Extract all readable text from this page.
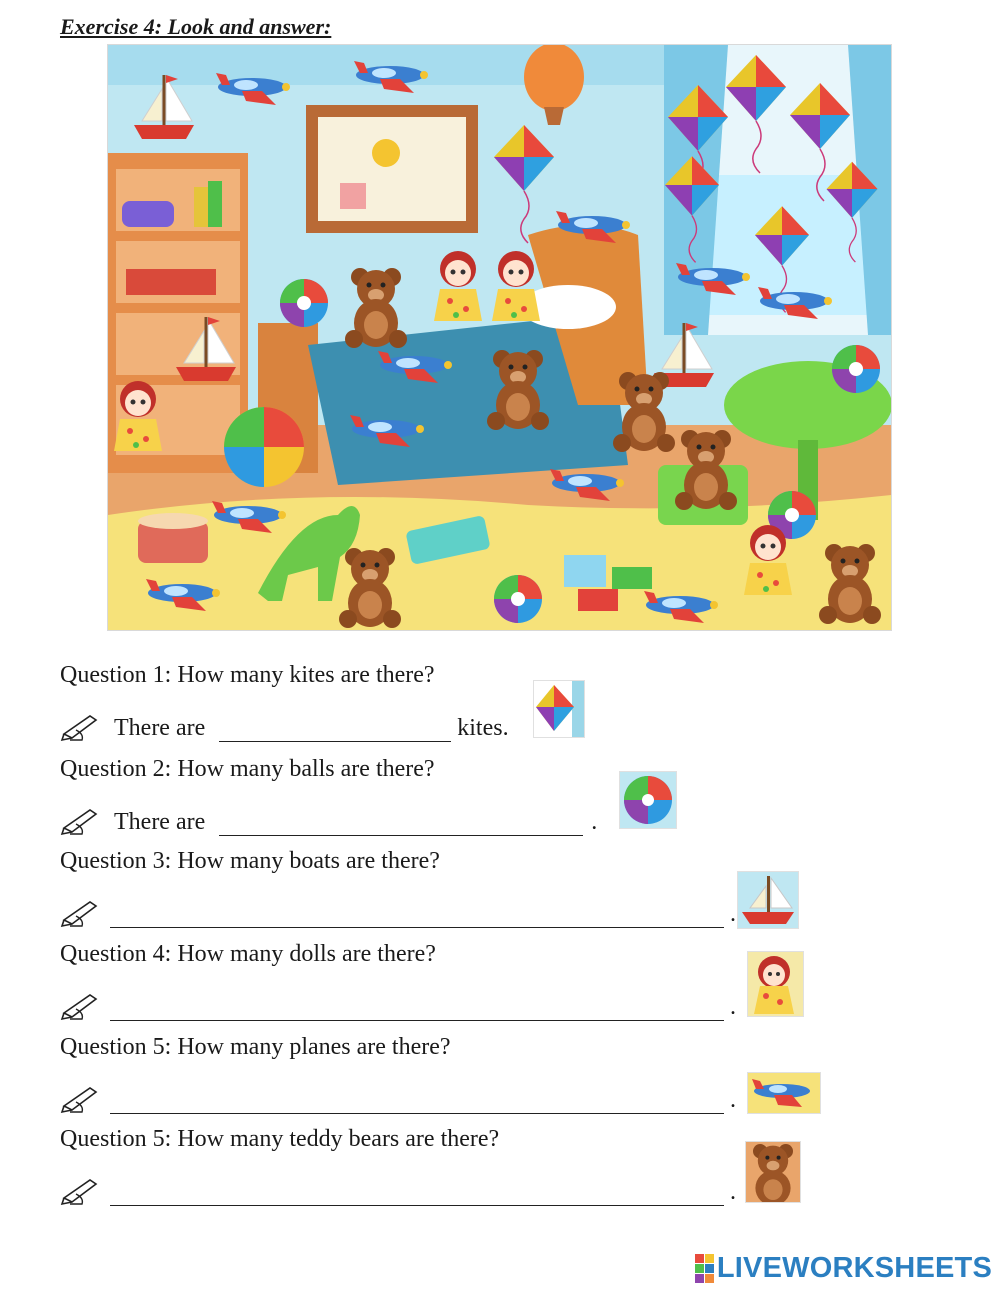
Exercise 4: Look and answer:
Question 1: How many kites are there?
There are	kites.
Question 2: How many balls are there?
There are	.
Question 3: How many boats are there?
.
Question 4: How many dolls are there?
.
Question 5: How many planes are there?
.
Question 5: How many teddy bears are there?
.
LIVEWORKSHEETS
